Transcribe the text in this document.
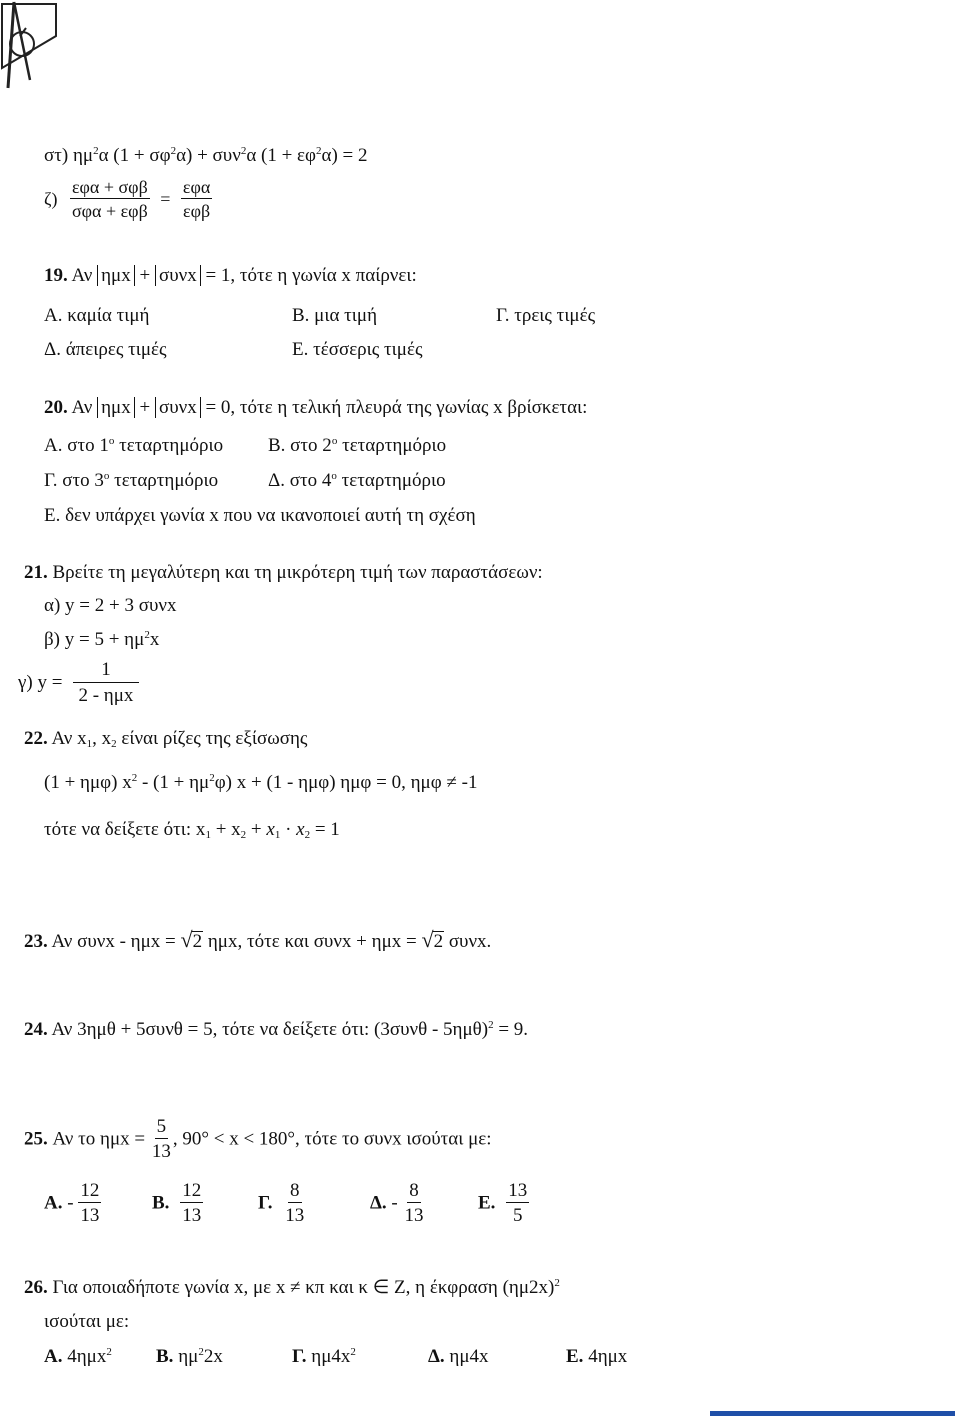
στ) $\eta\mu^2\alpha$ $(1 + \sigma\varphi^2\alpha) + \sigma\upsilon\nu^2\alpha$ $(1 + \varepsilon\varphi^2\alpha) = 2$
ζ)
εφα + σφβ
σφα + εφβ
=
εφα
εφβ
19. Αν ημx + συνx = 1, τότε η γωνία x παίρνει:
Α. καμία τιμή	Β. μια τιμή	Γ. τρεις τιμές
Δ. άπειρες τιμές	Ε. τέσσερις τιμές
20. Αν ημx + συνx = 0, τότε η τελική πλευρά της γωνίας x βρίσκεται:
Α. στο $1^o$ τεταρτημόριο Β. στο $2^o$ τεταρτημόριο
Γ. στο $3^o$ τεταρτημόριο	Δ. στο $4^o$ τεταρτημόριο
Ε. δεν υπάρχει γωνία x που να ικανοποιεί αυτή τη σχέση
21. Βρείτε τη μεγαλύτερη και τη μικρότερη τιμή των παραστάσεων:
α) y = 2 + 3 συνx
β) $y = 5 + \eta\mu^2x$
γ) y =
1
2 - ημx
22. Αν $x_1$, $x_2$ είναι ρίζες της εξίσωσης
(1 + ημφ) $x^2 - (1 + \eta\mu^2\varphi) x + (1 - \eta\mu\varphi) \eta\mu\varphi = 0$, ημφ ≠ -1
τότε να δείξετε ότι: $x_1 + x_2 + x_1 \cdot x_2 = 1$
23. Αν συνx - ημx = √2 ημx, τότε και συνx + ημx = √2 συνx.
24. Αν 3ημθ + 5συνθ = 5, τότε να δείξετε ότι: (3συνθ - 5ημθ)$^2$ = 9.
25. Αν το $\eta\mu x = \frac{5}{13}$ , 90° < x < 180°, τότε το συνx ισούται με:
Α. - $\frac{12}{13}$	Β. $\frac{12}{13}$	Γ. $\frac{8}{13}$	Δ. - $\frac{8}{13}$	Ε. $\frac{13}{5}$
26. Για οποιαδήποτε γωνία x, με x ≠ κπ και κ ∈ Ζ, η έκφραση $(\eta\mu 2x)^2$
ισούται με:
Α. 4ημx$^2$ Β. $\eta\mu^22x$	Γ. $\eta\mu 4x^2$	Δ. ημ4x	Ε. 4ημx
